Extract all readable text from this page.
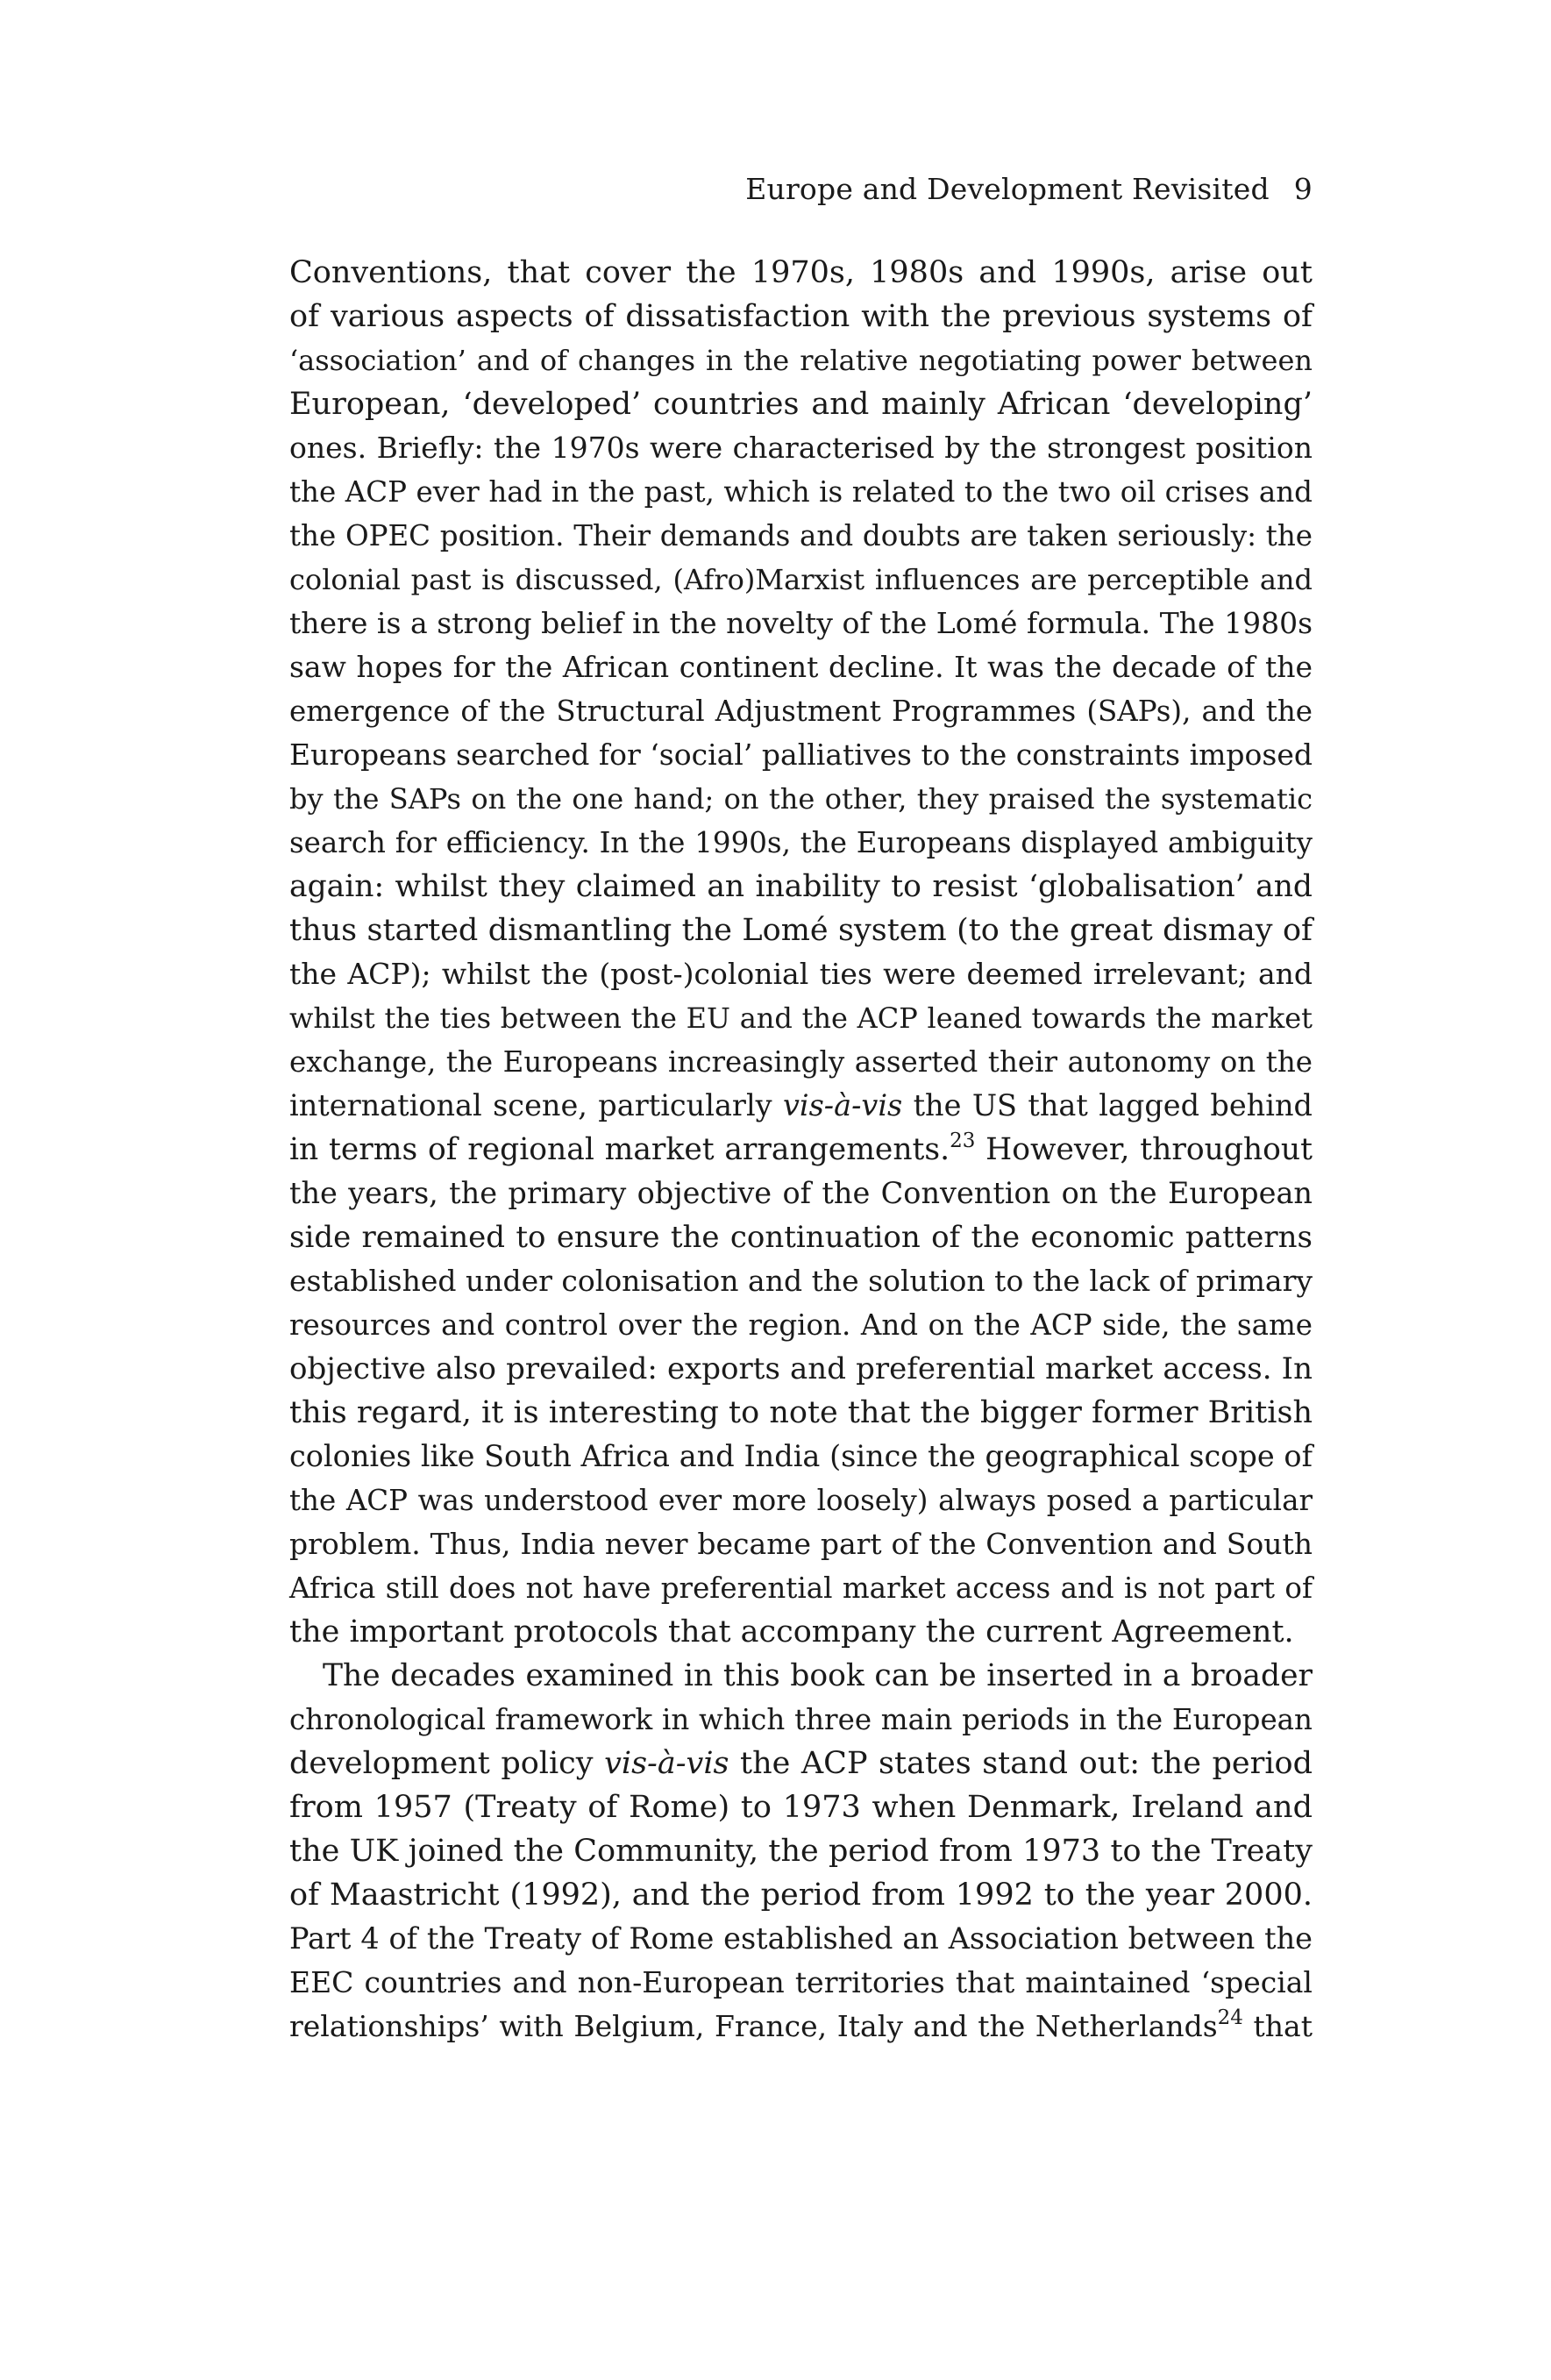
Europe and Development Revisited 9
Conventions, that cover the 1970s, 1980s and 1990s, arise out
of various aspects of dissatisfaction with the previous systems of
‘association’ and of changes in the relative negotiating power between
European, ‘developed’ countries and mainly African ‘developing’
ones. Briefly: the 1970s were characterised by the strongest position
the ACP ever had in the past, which is related to the two oil crises and
the OPEC position. Their demands and doubts are taken seriously: the
colonial past is discussed, (Afro)Marxist influences are perceptible and
there is a strong belief in the novelty of the Lomé formula. The 1980s
saw hopes for the African continent decline. It was the decade of the
emergence of the Structural Adjustment Programmes (SAPs), and the
Europeans searched for ‘social’ palliatives to the constraints imposed
by the SAPs on the one hand; on the other, they praised the systematic
search for efficiency. In the 1990s, the Europeans displayed ambiguity
again: whilst they claimed an inability to resist ‘globalisation’ and
thus started dismantling the Lomé system (to the great dismay of
the ACP); whilst the (post-)colonial ties were deemed irrelevant; and
whilst the ties between the EU and the ACP leaned towards the market
exchange, the Europeans increasingly asserted their autonomy on the
international scene, particularly vis-à-vis the US that lagged behind
in terms of regional market arrangements.$^{23}$ However, throughout
the years, the primary objective of the Convention on the European
side remained to ensure the continuation of the economic patterns
established under colonisation and the solution to the lack of primary
resources and control over the region. And on the ACP side, the same
objective also prevailed: exports and preferential market access. In
this regard, it is interesting to note that the bigger former British
colonies like South Africa and India (since the geographical scope of
the ACP was understood ever more loosely) always posed a particular
problem. Thus, India never became part of the Convention and South
Africa still does not have preferential market access and is not part of
the important protocols that accompany the current Agreement.
The decades examined in this book can be inserted in a broader
chronological framework in which three main periods in the European
development policy vis-à-vis the ACP states stand out: the period
from 1957 (Treaty of Rome) to 1973 when Denmark, Ireland and
the UK joined the Community, the period from 1973 to the Treaty
of Maastricht (1992), and the period from 1992 to the year 2000.
Part 4 of the Treaty of Rome established an Association between the
EEC countries and non-European territories that maintained ‘special
relationships’ with Belgium, France, Italy and the Netherlands$^{24}$ that
